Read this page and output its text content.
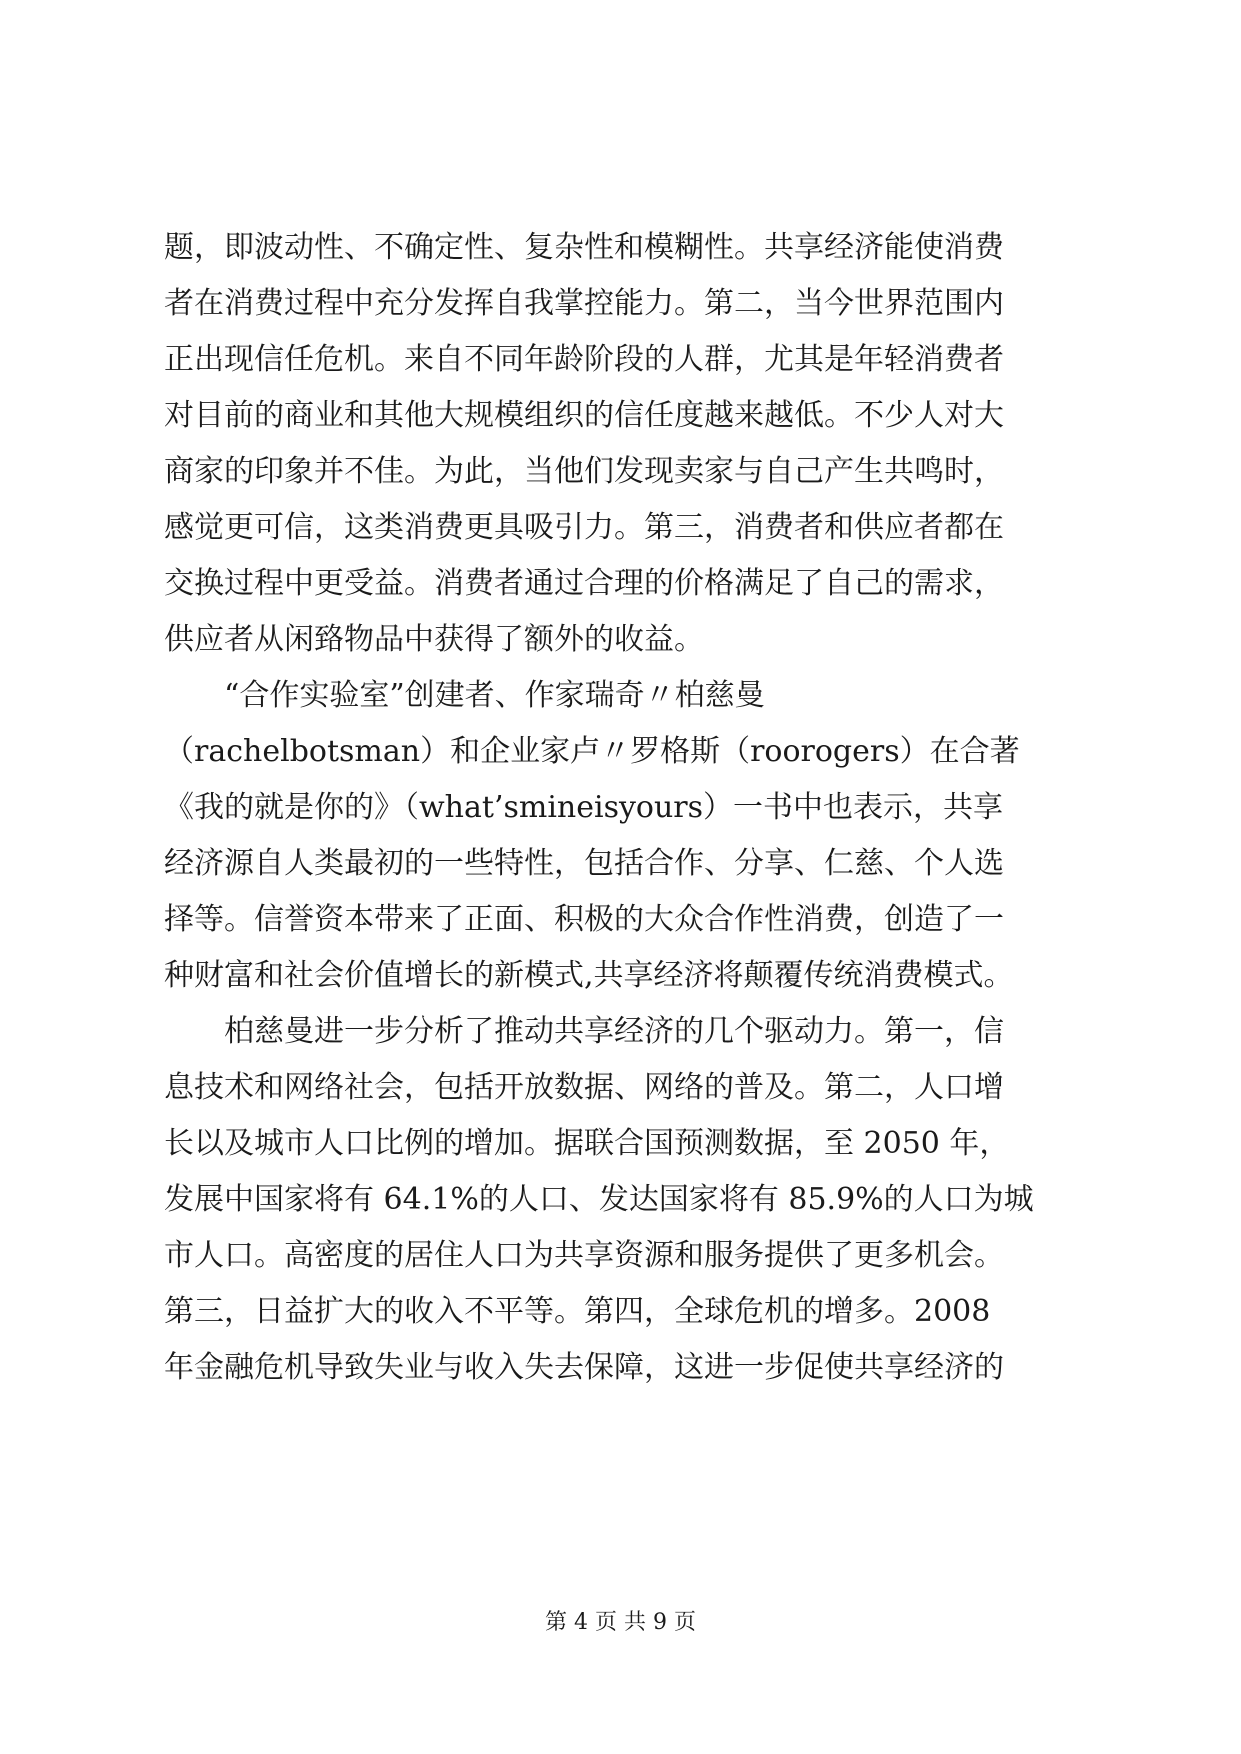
题，即波动性、不确定性、复杂性和模糊性。共享经济能使消费
者在消费过程中充分发挥自我掌控能力。第二，当今世界范围内
正出现信任危机。来自不同年龄阶段的人群，尤其是年轻消费者
对目前的商业和其他大规模组织的信任度越来越低。不少人对大
商家的印象并不佳。为此，当他们发现卖家与自己产生共鸣时，
感觉更可信，这类消费更具吸引力。第三，消费者和供应者都在
交换过程中更受益。消费者通过合理的价格满足了自己的需求，
供应者从闲臵物品中获得了额外的收益。
“合作实验室”创建者、作家瑞奇〃柏慈曼
（rachelbotsman）和企业家卢〃罗格斯（roorogers）在合著
《我的就是你的》（what’smineisyours）一书中也表示，共享
经济源自人类最初的一些特性，包括合作、分享、仁慈、个人选
择等。信誉资本带来了正面、积极的大众合作性消费，创造了一
种财富和社会价值增长的新模式,共享经济将颠覆传统消费模式。
柏慈曼进一步分析了推动共享经济的几个驱动力。第一，信
息技术和网络社会，包括开放数据、网络的普及。第二，人口增
长以及城市人口比例的增加。据联合国预测数据，至 2050 年，
发展中国家将有 64.1%的人口、发达国家将有 85.9%的人口为城
市人口。高密度的居住人口为共享资源和服务提供了更多机会。
第三，日益扩大的收入不平等。第四，全球危机的增多。2008
年金融危机导致失业与收入失去保障，这进一步促使共享经济的
第 4 页 共 9 页
